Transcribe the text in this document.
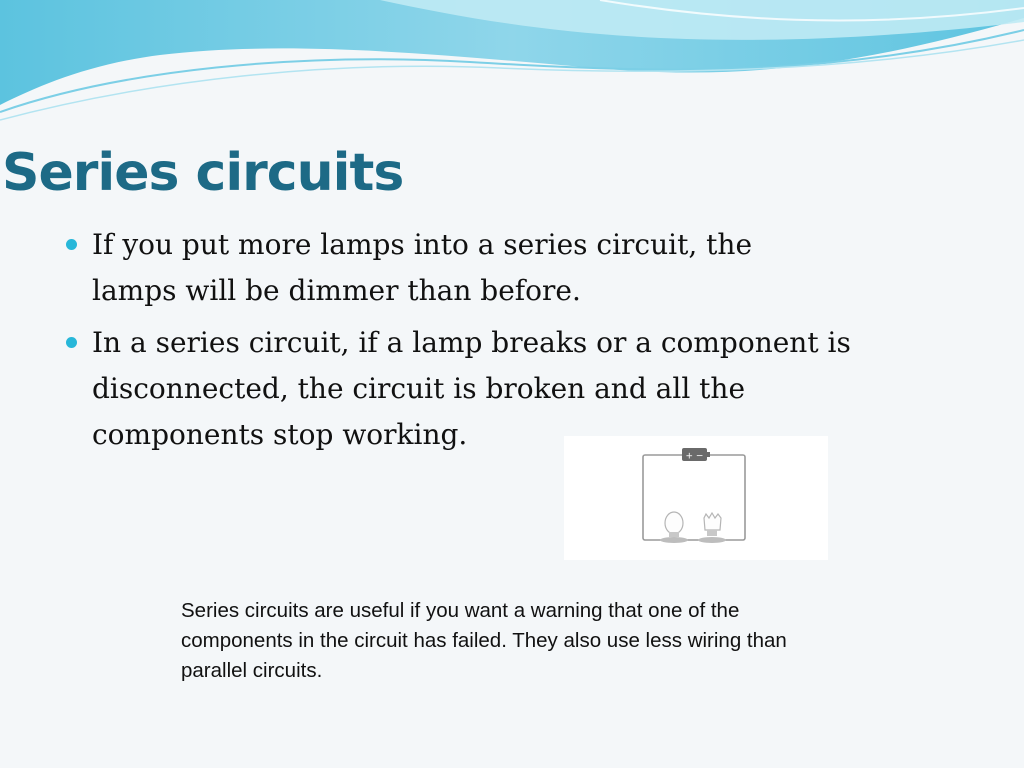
Series circuits
If you put more lamps into a series circuit, the
lamps will be dimmer than before.
In a series circuit, if a lamp breaks or a component is
disconnected, the circuit is broken and all the
components stop working.
+ −
Series circuits are useful if you want a warning that one of the
components in the circuit has failed. They also use less wiring than
parallel circuits.
